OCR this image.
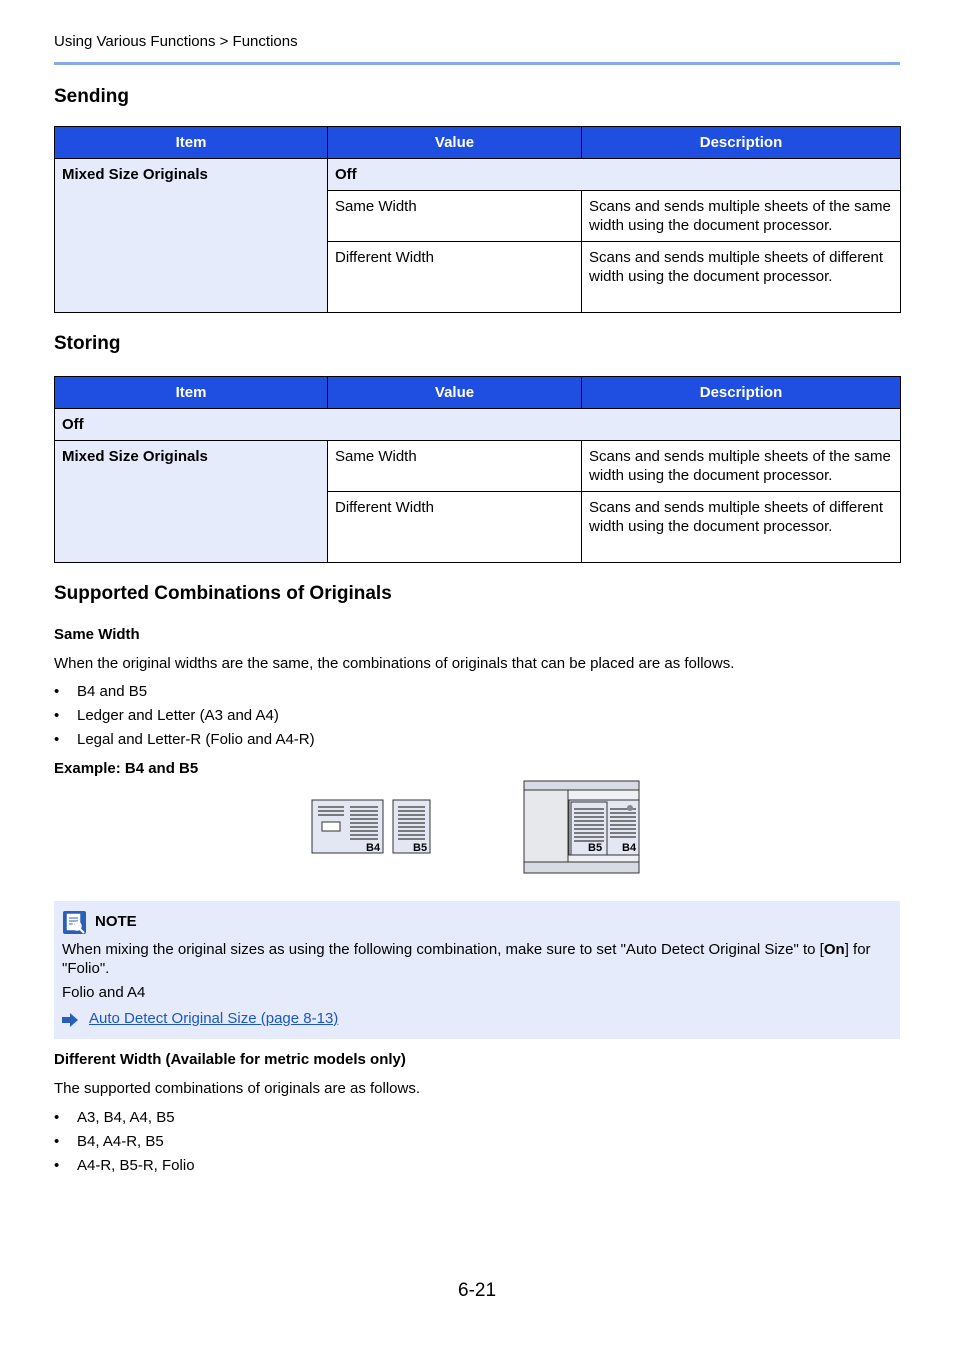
Using Various Functions > Functions
Sending
Item	Value	Description
Mixed Size Originals	Off	
	Same Width	Scans and sends multiple sheets of the same width using the document processor.
	Different Width	Scans and sends multiple sheets of different width using the document processor.
Storing
Item	Value	Description
Off		
Mixed Size Originals	Same Width	Scans and sends multiple sheets of the same width using the document processor.
	Different Width	Scans and sends multiple sheets of different width using the document processor.
Supported Combinations of Originals
Same Width
When the original widths are the same, the combinations of originals that can be placed are as follows.
• B4 and B5
• Ledger and Letter (A3 and A4)
• Legal and Letter-R (Folio and A4-R)
Example: B4 and B5
B4	B5	B5 B4
NOTE
When mixing the original sizes as using the following combination, make sure to set "Auto Detect Original Size" to [On] for "Folio".
Folio and A4
Auto Detect Original Size (page 8-13)
Different Width (Available for metric models only)
The supported combinations of originals are as follows.
• A3, B4, A4, B5
• B4, A4-R, B5
• A4-R, B5-R, Folio
6-21
